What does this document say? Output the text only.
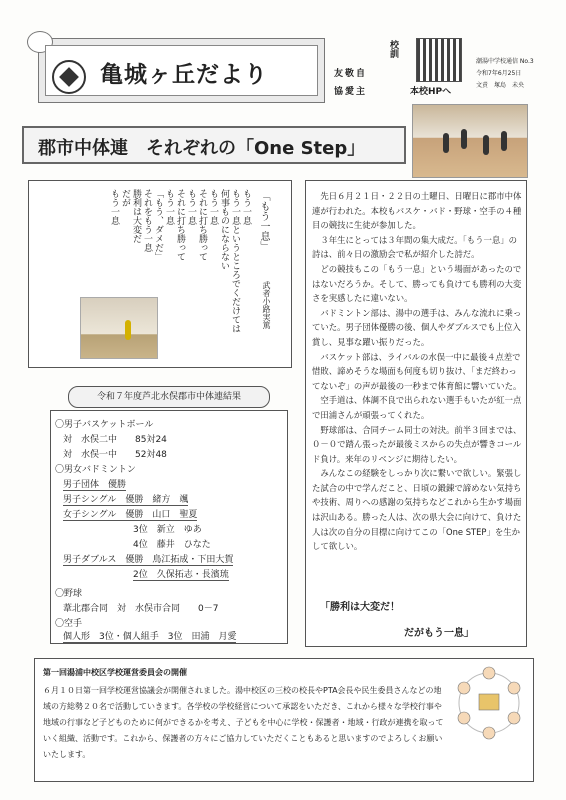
亀城ヶ丘だより
校訓
友敬自
協愛主	本校HPへ
潮湯中学校通信 No.3
令和7年6月25日
文責　塚島　未央
郡市中体連　それぞれの「One Step」
「もう一息」
もう一息
もう一息というところでくだけては
何事ものにならない
もう一息
それに打ち勝って
もう一息
それに打ち勝って
もう一息
「もう、ダメだ」
それをもう一息
勝利は大変だ
だが
もう一息
武者小路実篤
令和７年度芦北水俣郡市中体連結果
〇男子バスケットボール
対　水俣二中　　85対24
対　水俣一中　　52対48
〇男女バドミントン
男子団体　優勝
男子シングル　優勝　緒方　颯
女子シングル　優勝　山口　聖夏
3位　新立　ゆあ
4位　藤井　ひなた
男子ダブルス　優勝　鳥江拓成・下田大賀
2位　久保拓志・長濱琉
〇野球
葦北郡合同　対　水俣市合同　　0－7
〇空手
個人形　3位・個人組手　3位　田浦　月愛

先日６月２１日・２２日の土曜日、日曜日に郡市中体連が行われた。本校もバスケ・バド・野球・空手の４種目の競技に生徒が参加した。

３年生にとっては３年間の集大成だ。「もう一息」の詩は、前々日の激励会で私が紹介した詩だ。

どの競技もこの「もう一息」という場面があったのではないだろうか。そして、勝っても負けても勝利の大変さを実感したに違いない。

バドミントン部は、湯中の選手は、みんな流れに乗っていた。男子団体優勝の後、個人やダブルスでも上位入賞し、見事な躍い振りだった。

バスケット部は、ライバルの水俣一中に最後４点差で惜敗、諦めそうな場面も何度も切り抜け、「まだ終わってないぞ」の声が最後の一秒まで体育館に響いていた。

空手道は、体調不良で出られない選手もいたが紅一点で田浦さんが頑張ってくれた。

野球部は、合同チーム同士の対決。前半３回までは、０－０で踏ん張ったが最後ミスからの失点が響きコールド負け。来年のリベンジに期待したい。

みんなこの経験をしっかり次に繋いで欲しい。緊張した試合の中で学んだこと、日頃の鍛錬で諦めない気持ちや技術、周りへの感謝の気持ちなどこれから生かす場面は沢山ある。勝った人は、次の県大会に向けて、負けた人は次の自分の目標に向けてこの「One STEP」を生かして欲しい。

「勝利は大変だ！
だがもう一息」
第一回湯浦中校区学校運営委員会の開催
６月１０日第一回学校運営協議会が開催されました。湯中校区の三校の校長やPTA会長や民生委員さんなどの地域の方総勢２０名で活動していきます。各学校の学校経営について承認をいただき、これから様々な学校行事や地域の行事など子どものために何ができるかを考え、子どもを中心に学校・保護者・地域・行政が連携を取っていく組織、活動です。これから、保護者の方々にご協力していただくこともあると思いますのでよろしくお願いいたします。
